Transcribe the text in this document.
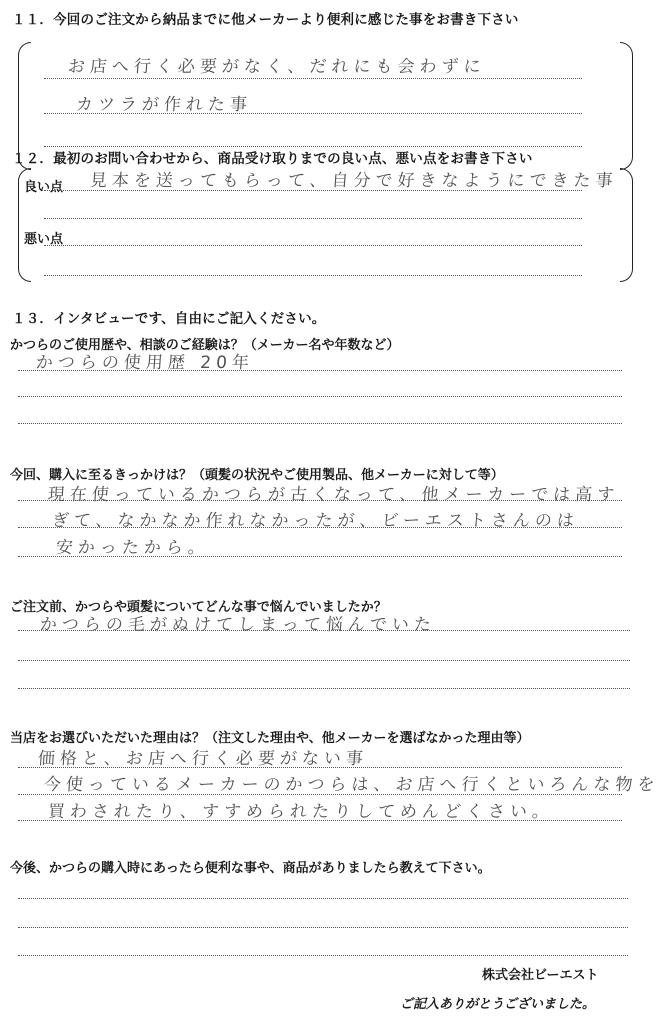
１１．今回のご注文から納品までに他メーカーより便利に感じた事をお書き下さい
お店へ行く必要がなく、だれにも会わずに
カツラが作れた事
１２．最初のお問い合わせから、商品受け取りまでの良い点、悪い点をお書き下さい
良い点 見本を送ってもらって、自分で好きなようにできた事
悪い点
１３．インタビューです、自由にご記入ください。
かつらのご使用歴や、相談のご経験は？（メーカー名や年数など）
かつらの使用歴 20年
今回、購入に至るきっかけは？（頭髪の状況やご使用製品、他メーカーに対して等）
現在使っているかつらが古くなって、他メーカーでは高す
ぎて、なかなか作れなかったが、ビーエストさんのは
安かったから。
ご注文前、かつらや頭髪についてどんな事で悩んでいましたか？
かつらの毛がぬけてしまって悩んでいた
当店をお選びいただいた理由は？（注文した理由や、他メーカーを選ばなかった理由等）
価格と、お店へ行く必要がない事
今使っているメーカーのかつらは、お店へ行くといろんな物を
買わされたり、すすめられたりしてめんどくさい。
今後、かつらの購入時にあったら便利な事や、商品がありましたら教えて下さい。
株式会社ビーエスト
ご記入ありがとうございました。
